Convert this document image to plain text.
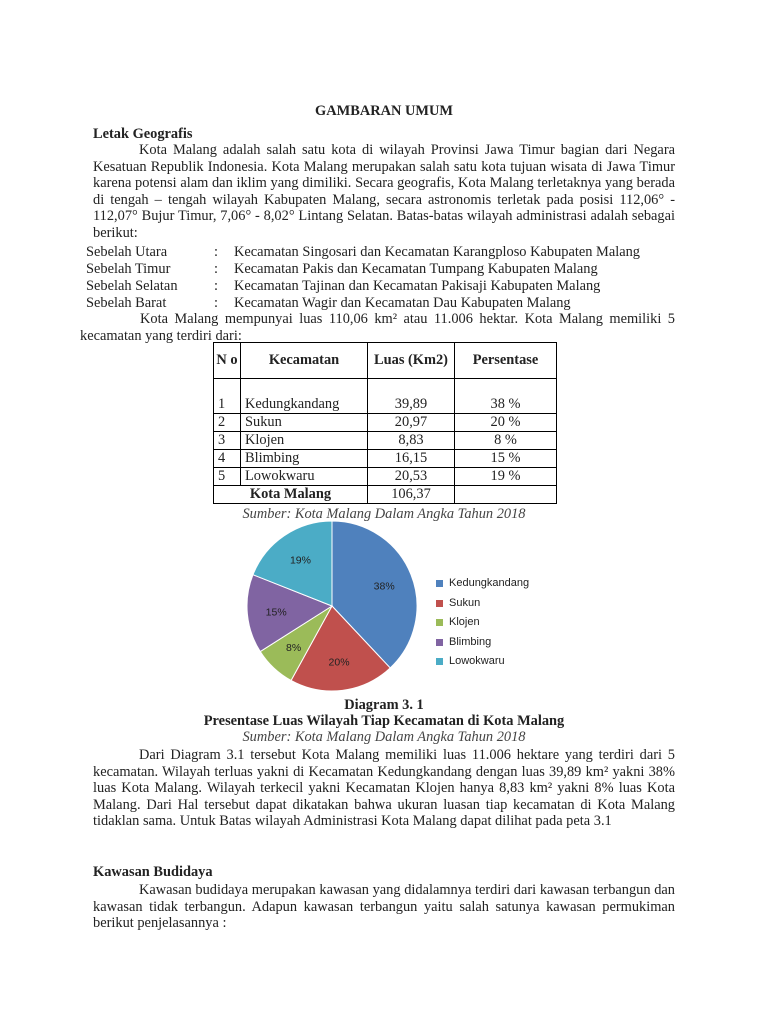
GAMBARAN UMUM
Letak Geografis

Kota Malang adalah salah satu kota di wilayah Provinsi Jawa Timur bagian dari Negara Kesatuan Republik Indonesia. Kota Malang merupakan salah satu kota tujuan wisata di Jawa Timur karena potensi alam dan iklim yang dimiliki. Secara geografis, Kota Malang terletaknya yang berada di tengah – tengah wilayah Kabupaten Malang, secara astronomis terletak pada posisi 112,06° - 112,07° Bujur Timur, 7,06° - 8,02° Lintang Selatan. Batas-batas wilayah administrasi adalah sebagai berikut:

Sebelah Utara	: Kecamatan Singosari dan Kecamatan Karangploso Kabupaten Malang
Sebelah Timur	: Kecamatan Pakis dan Kecamatan Tumpang Kabupaten Malang
Sebelah Selatan	: Kecamatan Tajinan dan Kecamatan Pakisaji Kabupaten Malang
Sebelah Barat	: Kecamatan Wagir dan Kecamatan Dau Kabupaten Malang

Kota Malang mempunyai luas 110,06 km² atau 11.006 hektar. Kota Malang memiliki 5 kecamatan yang terdiri dari:

N o	Kecamatan	Luas (Km2)	Persentase
1	Kedungkandang	39,89	38 %
2	Sukun	20,97	20 %
3	Klojen	8,83	8 %
4	Blimbing	16,15	15 %
5	Lowokwaru	20,53	19 %
Kota Malang		106,37	
Sumber: Kota Malang Dalam Angka Tahun 2018
38%
20%
8%
15%
19%
Kedungkandang
Sukun
Klojen
Blimbing
Lowokwaru
Diagram 3. 1
Presentase Luas Wilayah Tiap Kecamatan di Kota Malang
Sumber: Kota Malang Dalam Angka Tahun 2018

Dari Diagram 3.1 tersebut Kota Malang memiliki luas 11.006 hektare yang terdiri dari 5 kecamatan. Wilayah terluas yakni di Kecamatan Kedungkandang dengan luas 39,89 km² yakni 38% luas Kota Malang. Wilayah terkecil yakni Kecamatan Klojen hanya 8,83 km² yakni 8% luas Kota Malang. Dari Hal tersebut dapat dikatakan bahwa ukuran luasan tiap kecamatan di Kota Malang tidaklan sama. Untuk Batas wilayah Administrasi Kota Malang dapat dilihat pada peta 3.1

Kawasan Budidaya

Kawasan budidaya merupakan kawasan yang didalamnya terdiri dari kawasan terbangun dan kawasan tidak terbangun. Adapun kawasan terbangun yaitu salah satunya kawasan permukiman berikut penjelasannya :
